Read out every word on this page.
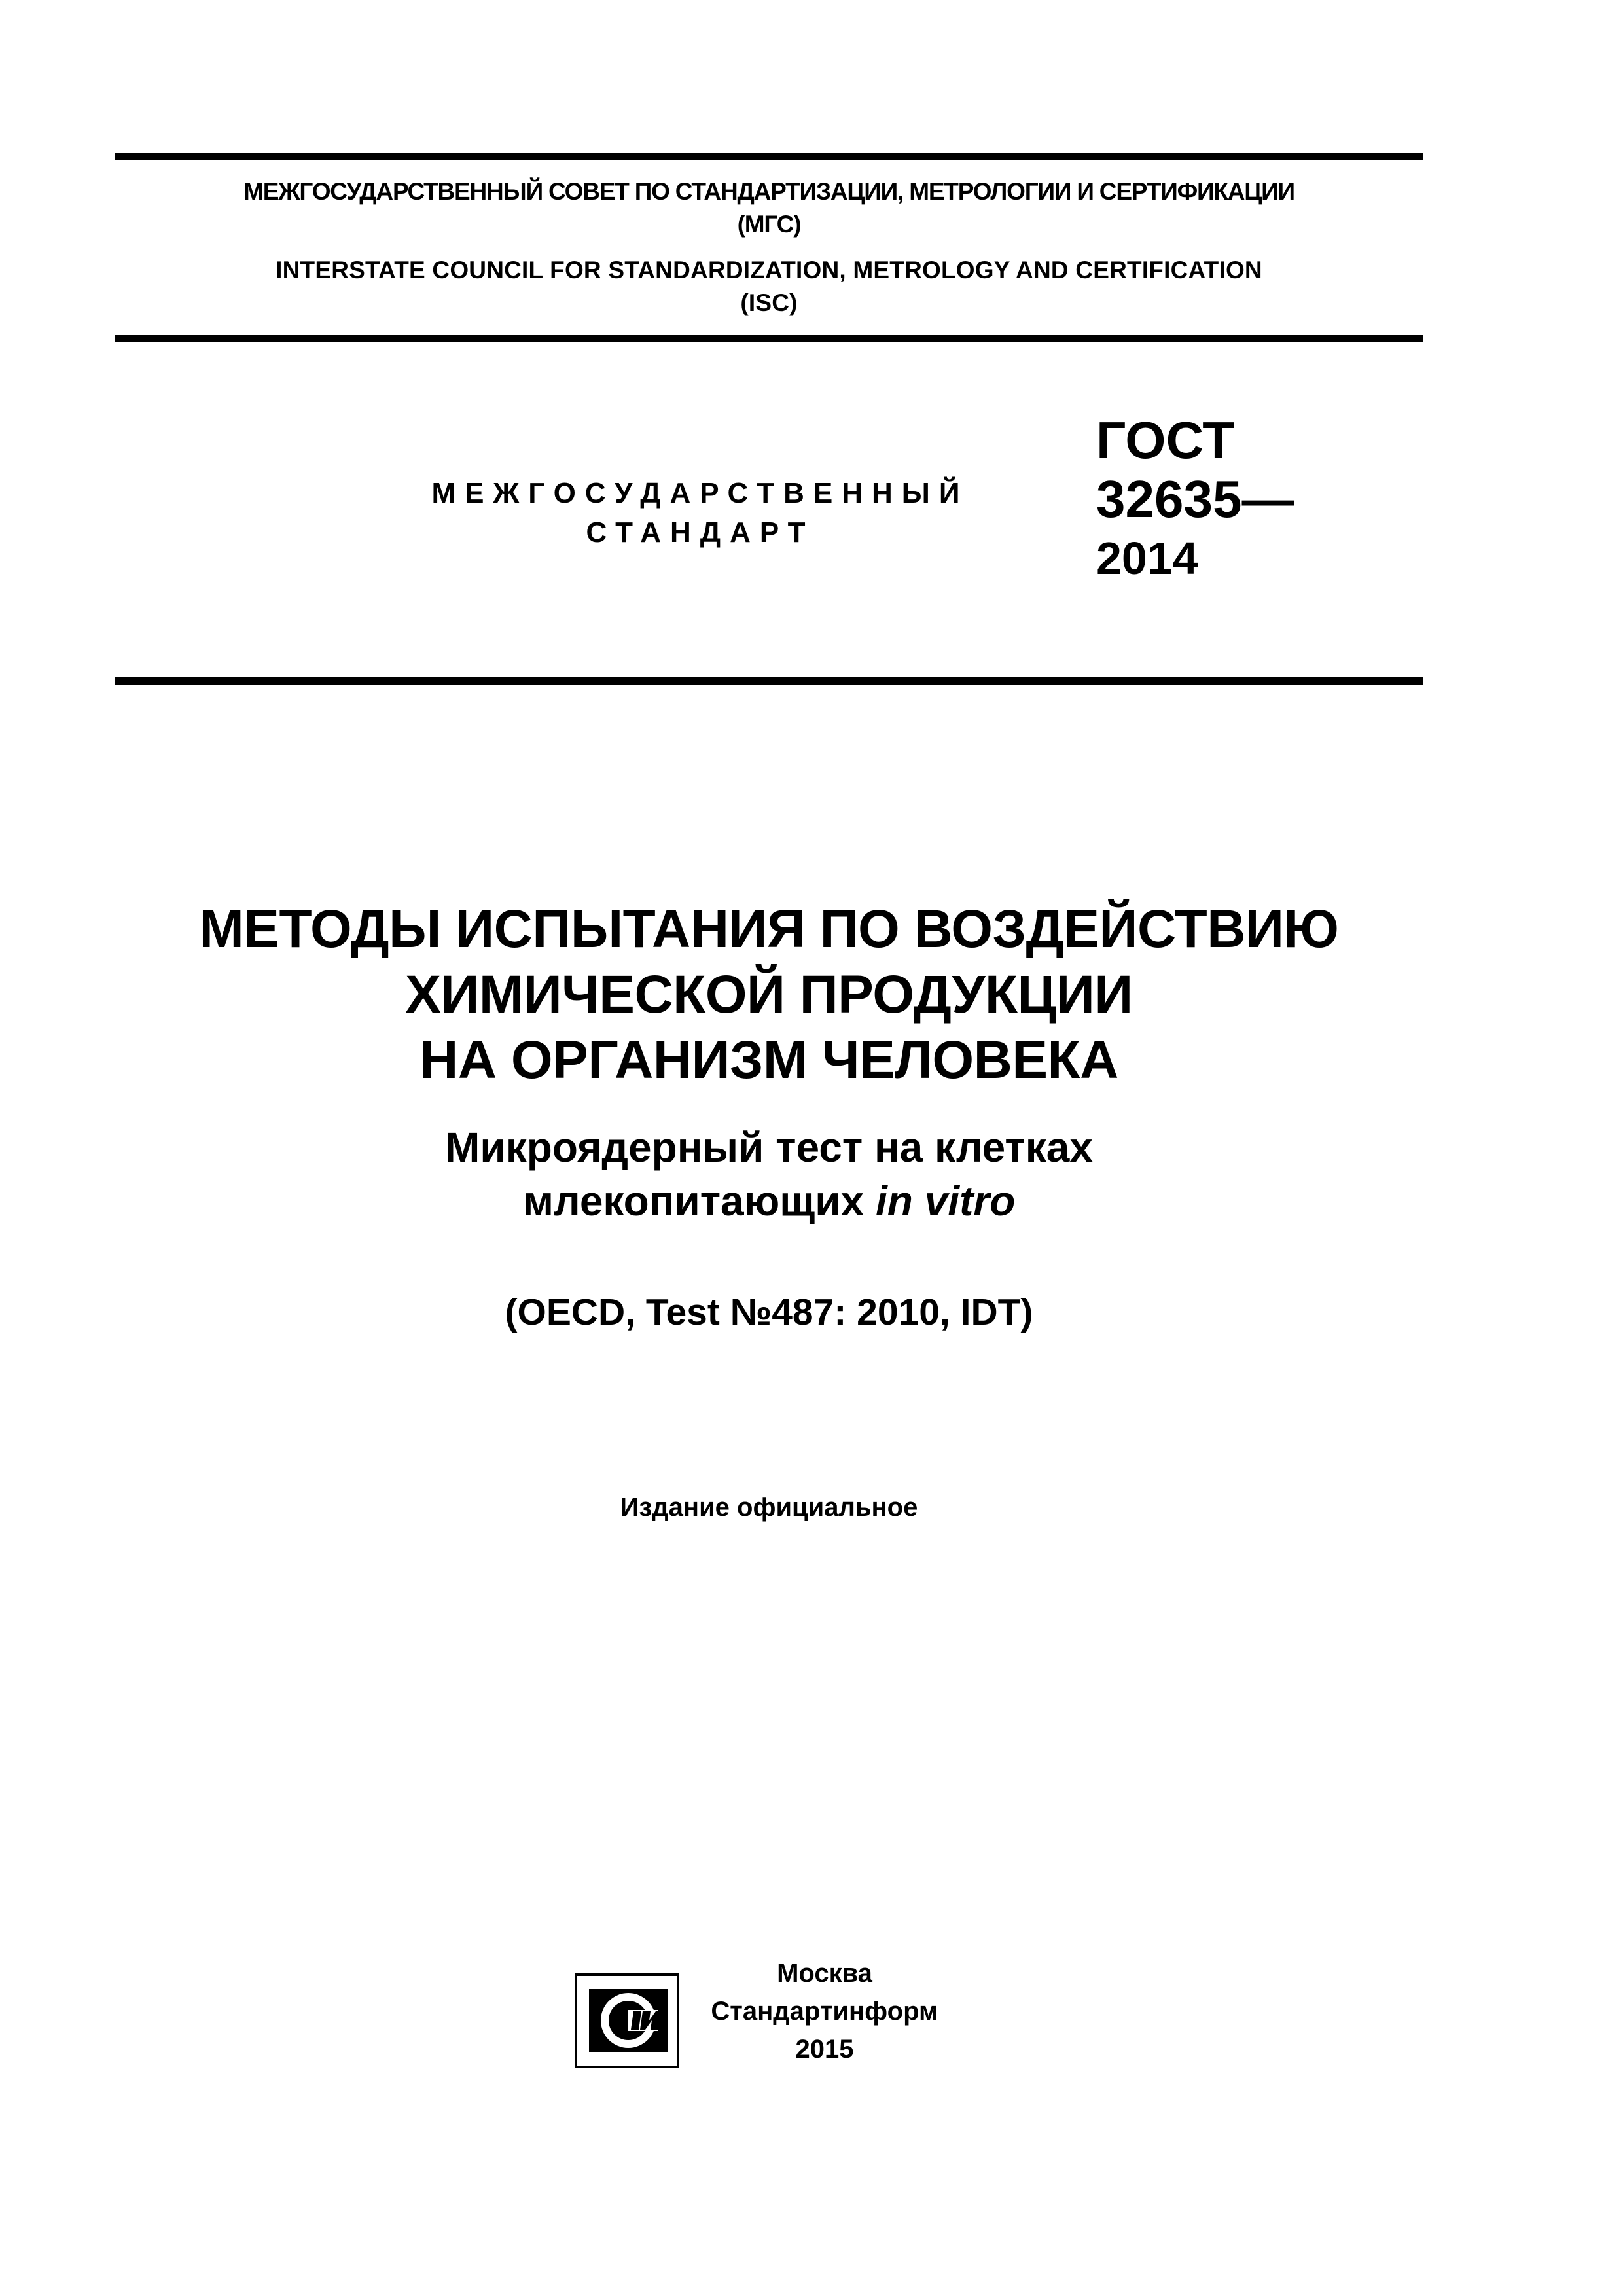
МЕЖГОСУДАРСТВЕННЫЙ СОВЕТ ПО СТАНДАРТИЗАЦИИ, МЕТРОЛОГИИ И СЕРТИФИКАЦИИ
(МГС)
INTERSTATE COUNCIL FOR STANDARDIZATION, METROLOGY AND CERTIFICATION
(ISC)
МЕЖГОСУДАРСТВЕННЫЙ
СТАНДАРТ
ГОСТ
32635—
2014
МЕТОДЫ ИСПЫТАНИЯ ПО ВОЗДЕЙСТВИЮ
ХИМИЧЕСКОЙ ПРОДУКЦИИ
НА ОРГАНИЗМ ЧЕЛОВЕКА
Микроядерный тест на клетках
млекопитающих in vitro
(OECD, Test №487: 2010, IDT)
Издание официальное
Москва
Стандартинформ
2015
